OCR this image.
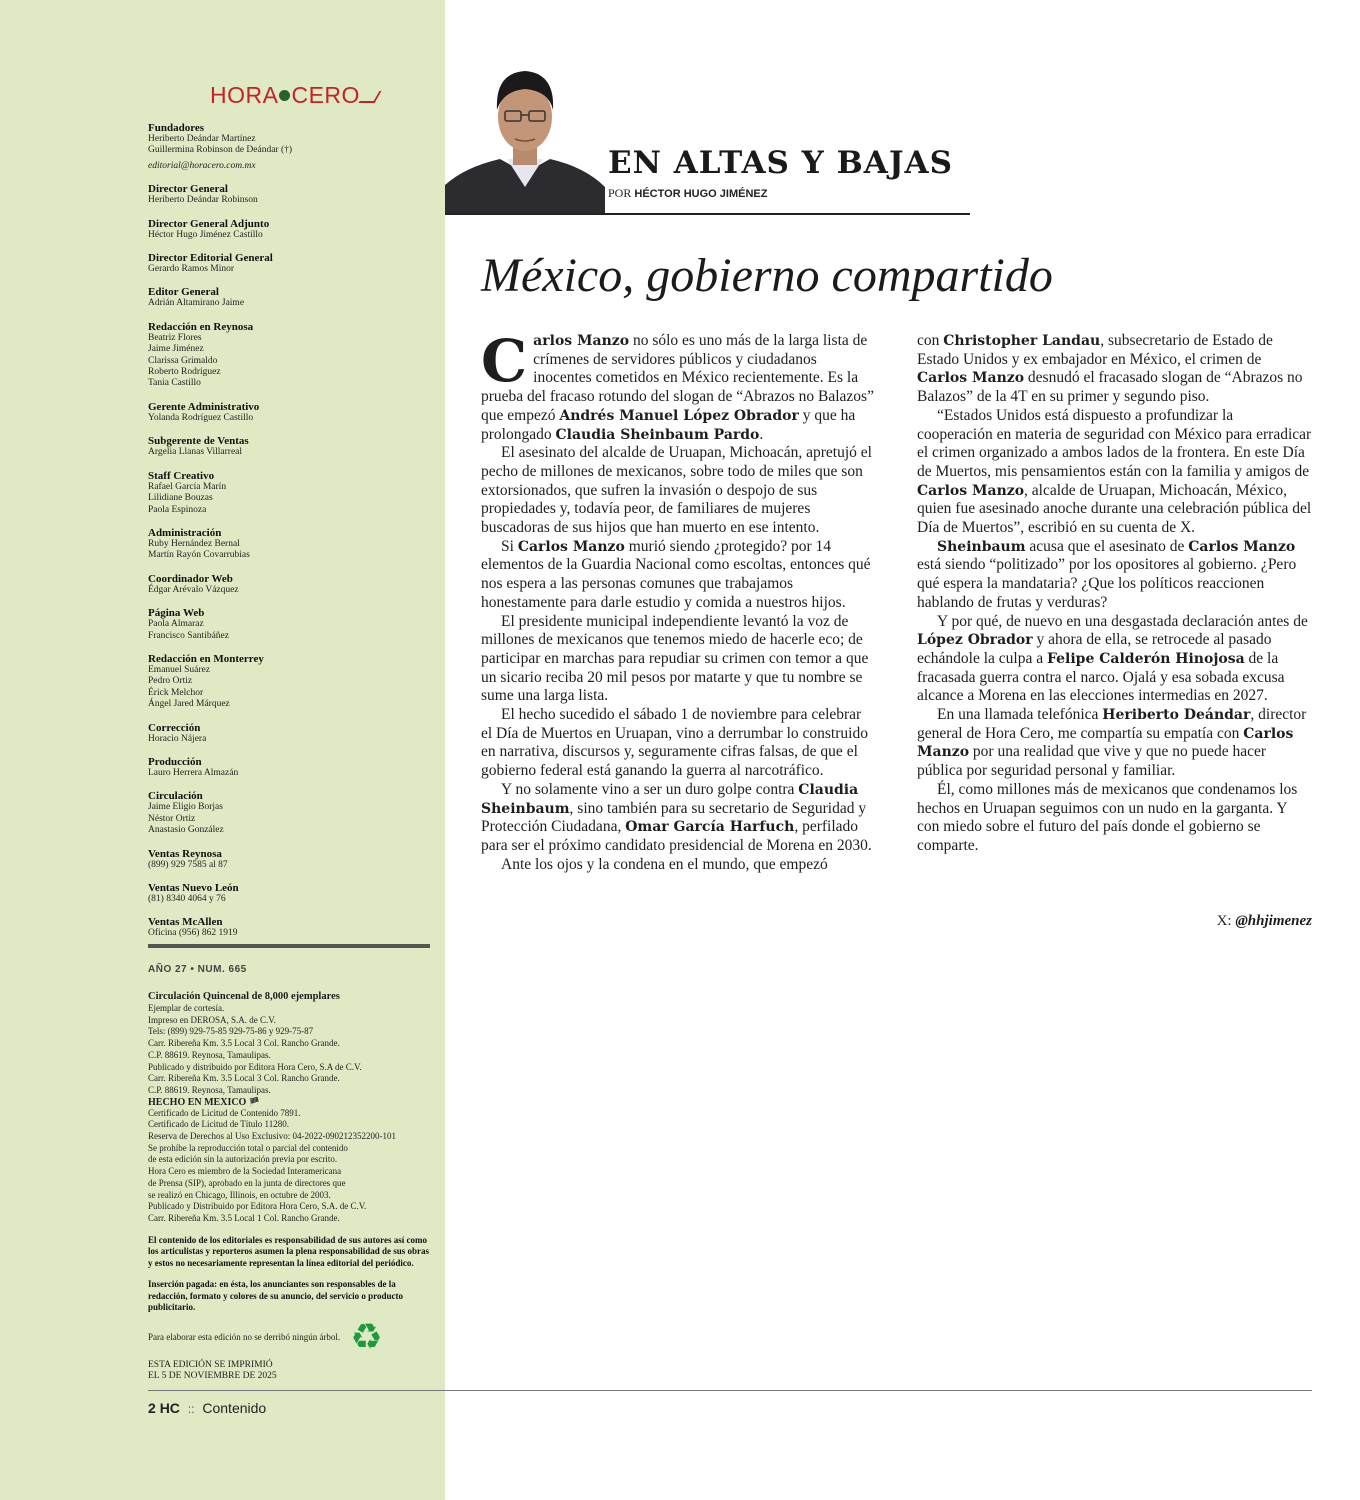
HORA CERO
Fundadores
Heriberto Deándar Martínez
Guillermina Robinson de Deándar (†)
editorial@horacero.com.mx
Director General
Heriberto Deándar Robinson
Director General Adjunto
Héctor Hugo Jiménez Castillo
Director Editorial General
Gerardo Ramos Minor
Editor General
Adrián Altamirano Jaime
Redacción en Reynosa
Beatriz Flores
Jaime Jiménez
Clarissa Grimaldo
Roberto Rodríguez
Tania Castillo
Gerente Administrativo
Yolanda Rodríguez Castillo
Subgerente de Ventas
Argelia Llanas Villarreal
Staff Creativo
Rafael García Marín
Lilidiane Bouzas
Paola Espinoza
Administración
Ruby Hernández Bernal
Martín Rayón Covarrubias
Coordinador Web
Édgar Arévalo Vázquez
Página Web
Paola Almaraz
Francisco Santibáñez
Redacción en Monterrey
Emanuel Suárez
Pedro Ortiz
Érick Melchor
Ángel Jared Márquez
Corrección
Horacio Nájera
Producción
Lauro Herrera Almazán
Circulación
Jaime Eligio Borjas
Néstor Ortiz
Anastasio González
Ventas Reynosa
(899) 929 7585 al 87
Ventas Nuevo León
(81) 8340 4064 y 76
Ventas McAllen
Oficina (956) 862 1919
AÑO 27 • NUM. 665
Circulación Quincenal de 8,000 ejemplares
Ejemplar de cortesía.
Impreso en DEROSA, S.A. de C.V.
Tels: (899) 929-75-85 929-75-86 y 929-75-87
Carr. Ribereña Km. 3.5 Local 3 Col. Rancho Grande.
C.P. 88619. Reynosa, Tamaulipas.
Publicado y distribuido por Editora Hora Cero, S.A de C.V.
Carr. Ribereña Km. 3.5 Local 3 Col. Rancho Grande.
C.P. 88619. Reynosa, Tamaulipas.
HECHO EN MEXICO 🏴
Certificado de Licitud de Contenido 7891.
Certificado de Licitud de Título 11280.
Reserva de Derechos al Uso Exclusivo: 04-2022-090212352200-101
Se prohíbe la reproducción total o parcial del contenido
de esta edición sin la autorización previa por escrito.
Hora Cero es miembro de la Sociedad Interamericana
de Prensa (SIP), aprobado en la junta de directores que
se realizó en Chicago, Illinois, en octubre de 2003.
Publicado y Distribuido por Editora Hora Cero, S.A. de C.V.
Carr. Ribereña Km. 3.5 Local 1 Col. Rancho Grande.
El contenido de los editoriales es responsabilidad de sus autores así como los articulistas y reporteros asumen la plena responsabilidad de sus obras y estos no necesariamente representan la línea editorial del periódico.
Inserción pagada: en ésta, los anunciantes son responsables de la redacción, formato y colores de su anuncio, del servicio o producto publicitario.
Para elaborar esta edición no se derribó ningún árbol. ♻
ESTA EDICIÓN SE IMPRIMIÓ
EL 5 DE NOVIEMBRE DE 2025
2 HC :: Contenido
EN ALTAS Y BAJAS
POR HÉCTOR HUGO JIMÉNEZ
México, gobierno compartido

Carlos Manzo no sólo es uno más de la larga lista de crímenes de servidores públicos y ciudadanos inocentes cometidos en México recientemente. Es la prueba del fracaso rotundo del slogan de “Abrazos no Balazos” que empezó Andrés Manuel López Obrador y que ha prolongado Claudia Sheinbaum Pardo.

El asesinato del alcalde de Uruapan, Michoacán, apretujó el pecho de millones de mexicanos, sobre todo de miles que son extorsionados, que sufren la invasión o despojo de sus propiedades y, todavía peor, de familiares de mujeres buscadoras de sus hijos que han muerto en ese intento.

Si Carlos Manzo murió siendo ¿protegido? por 14 elementos de la Guardia Nacional como escoltas, entonces qué nos espera a las personas comunes que trabajamos honestamente para darle estudio y comida a nuestros hijos.

El presidente municipal independiente levantó la voz de millones de mexicanos que tenemos miedo de hacerle eco; de participar en marchas para repudiar su crimen con temor a que un sicario reciba 20 mil pesos por matarte y que tu nombre se sume una larga lista.

El hecho sucedido el sábado 1 de noviembre para celebrar el Día de Muertos en Uruapan, vino a derrumbar lo construido en narrativa, discursos y, seguramente cifras falsas, de que el gobierno federal está ganando la guerra al narcotráfico.

Y no solamente vino a ser un duro golpe contra Claudia Sheinbaum, sino también para su secretario de Seguridad y Protección Ciudadana, Omar García Harfuch, perfilado para ser el próximo candidato presidencial de Morena en 2030.

Ante los ojos y la condena en el mundo, que empezó

con Christopher Landau, subsecretario de Estado de Estado Unidos y ex embajador en México, el crimen de Carlos Manzo desnudó el fracasado slogan de “Abrazos no Balazos” de la 4T en su primer y segundo piso.

“Estados Unidos está dispuesto a profundizar la cooperación en materia de seguridad con México para erradicar el crimen organizado a ambos lados de la frontera. En este Día de Muertos, mis pensamientos están con la familia y amigos de Carlos Manzo, alcalde de Uruapan, Michoacán, México, quien fue asesinado anoche durante una celebración pública del Día de Muertos”, escribió en su cuenta de X.

Sheinbaum acusa que el asesinato de Carlos Manzo está siendo “politizado” por los opositores al gobierno. ¿Pero qué espera la mandataria? ¿Que los políticos reaccionen hablando de frutas y verduras?

Y por qué, de nuevo en una desgastada declaración antes de López Obrador y ahora de ella, se retrocede al pasado echándole la culpa a Felipe Calderón Hinojosa de la fracasada guerra contra el narco. Ojalá y esa sobada excusa alcance a Morena en las elecciones intermedias en 2027.

En una llamada telefónica Heriberto Deándar, director general de Hora Cero, me compartía su empatía con Carlos Manzo por una realidad que vive y que no puede hacer pública por seguridad personal y familiar.

Él, como millones más de mexicanos que condenamos los hechos en Uruapan seguimos con un nudo en la garganta. Y con miedo sobre el futuro del país donde el gobierno se comparte.

X: @hhjimenez
